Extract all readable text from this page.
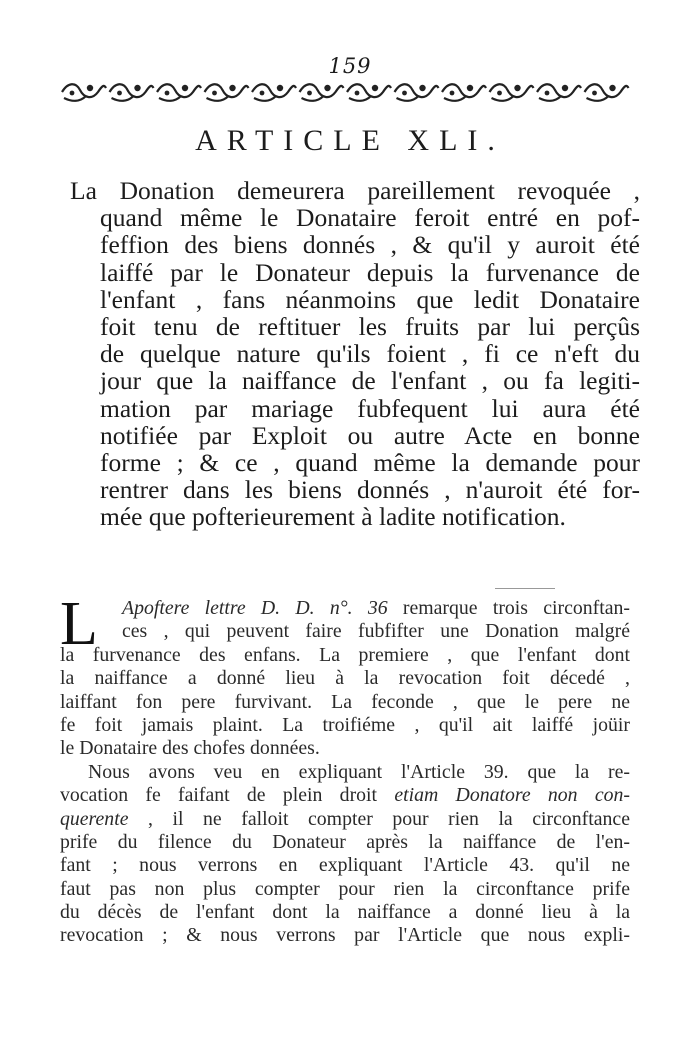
159
ARTICLE XLI.
La Donation demeurera pareillement revoquée ,
quand même le Donataire feroit entré en pof-
feffion des biens donnés , & qu'il y auroit été
laiffé par le Donateur depuis la furvenance de
l'enfant , fans néanmoins que ledit Donataire
foit tenu de reftituer les fruits par lui perçûs
de quelque nature qu'ils foient , fi ce n'eft du
jour que la naiffance de l'enfant , ou fa legiti-
mation par mariage fubfequent lui aura été
notifiée par Exploit ou autre Acte en bonne
forme ; & ce , quand même la demande pour
rentrer dans les biens donnés , n'auroit été for-
mée que pofterieurement à ladite notification.
L	Apoftere lettre D. D. n°. 36 remarque trois circonftan-
ces , qui peuvent faire fubfifter une Donation malgré
la furvenance des enfans. La premiere , que l'enfant dont
la naiffance a donné lieu à la revocation foit décedé ,
laiffant fon pere furvivant. La feconde , que le pere ne
fe foit jamais plaint. La troifiéme , qu'il ait laiffé joüir
le Donataire des chofes données.
Nous avons veu en expliquant l'Article 39. que la re-
vocation fe faifant de plein droit etiam Donatore non con-
querente , il ne falloit compter pour rien la circonftance
prife du filence du Donateur après la naiffance de l'en-
fant ; nous verrons en expliquant l'Article 43. qu'il ne
faut pas non plus compter pour rien la circonftance prife
du décès de l'enfant dont la naiffance a donné lieu à la
revocation ; & nous verrons par l'Article que nous expli-
